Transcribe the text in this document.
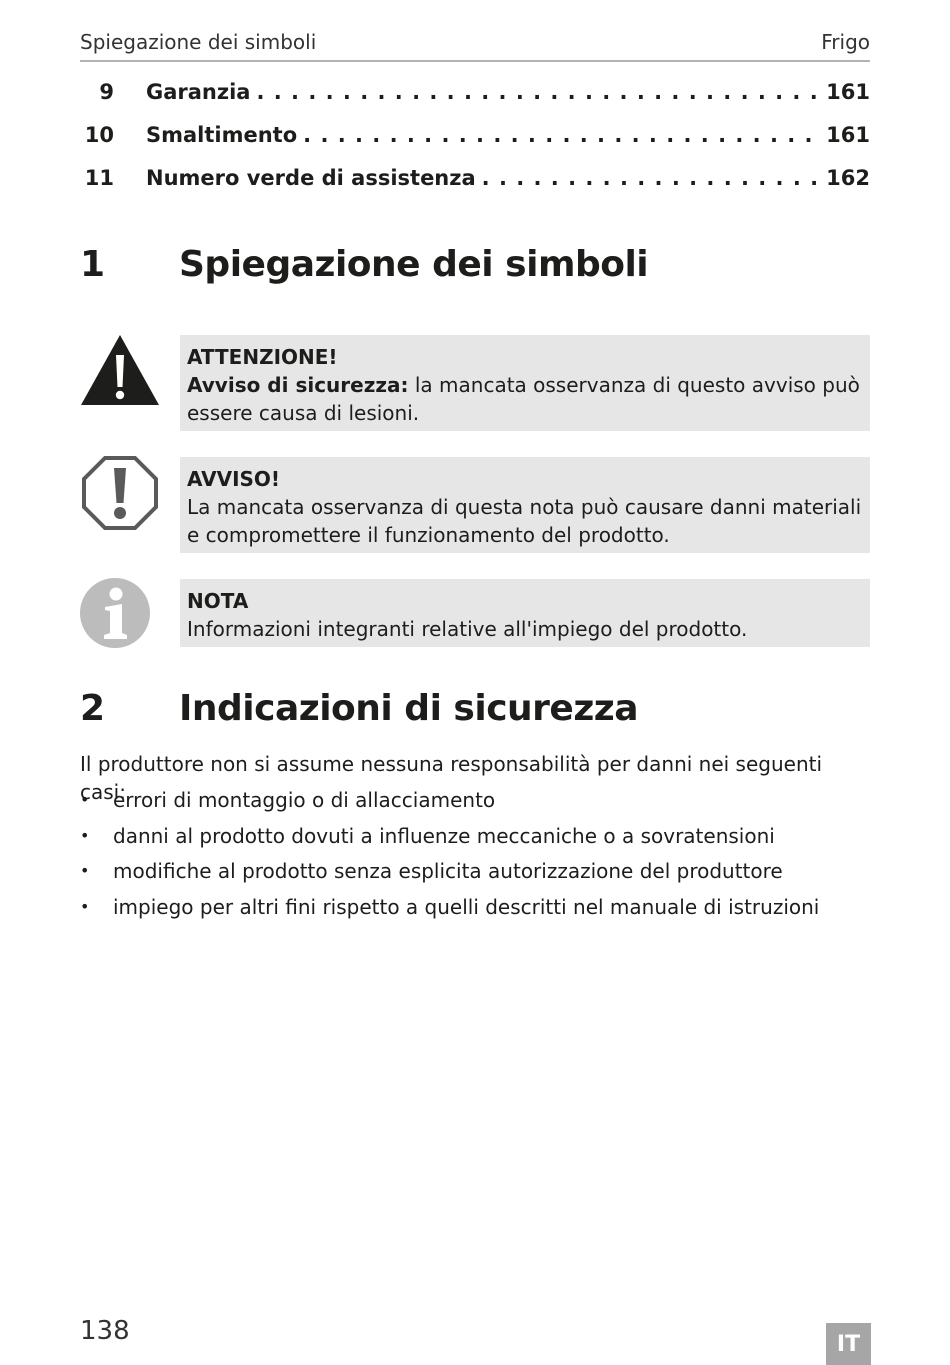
Spiegazione dei simboli	Frigo
9 Garanzia . . .	161
10 Smaltimento . . .	161
11 Numero verde di assistenza . . .	162
1 Spiegazione dei simboli
ATTENZIONE!
Avviso di sicurezza: la mancata osservanza di questo avviso può essere causa di lesioni.
AVVISO!
La mancata osservanza di questa nota può causare danni materiali e compromettere il funzionamento del prodotto.
NOTA
Informazioni integranti relative all'impiego del prodotto.
2 Indicazioni di sicurezza

Il produttore non si assume nessuna responsabilità per danni nei seguenti casi:

• errori di montaggio o di allacciamento
• danni al prodotto dovuti a influenze meccaniche o a sovratensioni
• modifiche al prodotto senza esplicita autorizzazione del produttore
• impiego per altri fini rispetto a quelli descritti nel manuale di istruzioni
138	IT
